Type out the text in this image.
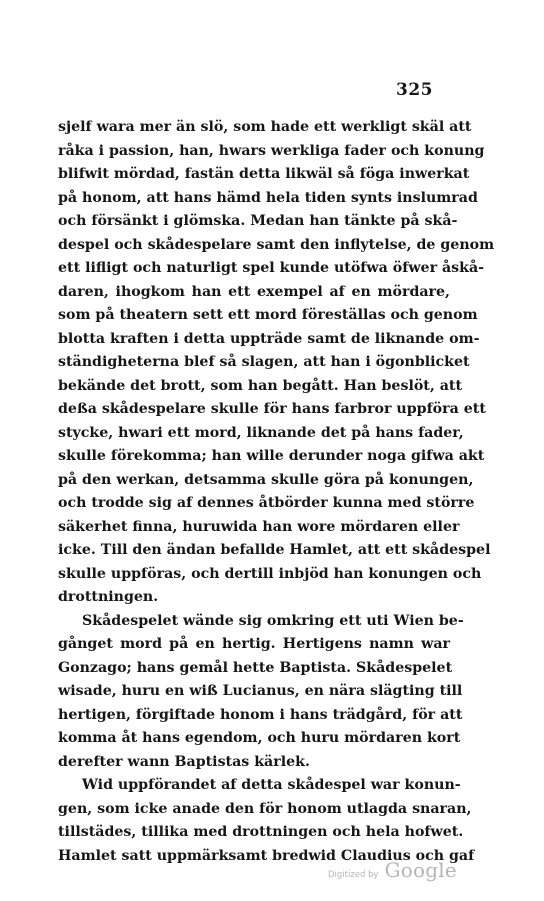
325
sjelf wara mer än slö, som hade ett werkligt skäl att
råka i passion, han, hwars werkliga fader och konung
blifwit mördad, fastän detta likwäl så föga inwerkat
på honom, att hans hämd hela tiden synts inslumrad
och försänkt i glömska. Medan han tänkte på skå-
despel och skådespelare samt den inflytelse, de genom
ett lifligt och naturligt spel kunde utöfwa öfwer åskå-
daren, ihogkom han ett exempel af en mördare,
som på theatern sett ett mord föreställas och genom
blotta kraften i detta uppträde samt de liknande om-
ständigheterna blef så slagen, att han i ögonblicket
bekände det brott, som han begått. Han beslöt, att
deßa skådespelare skulle för hans farbror uppföra ett
stycke, hwari ett mord, liknande det på hans fader,
skulle förekomma; han wille derunder noga gifwa akt
på den werkan, detsamma skulle göra på konungen,
och trodde sig af dennes åtbörder kunna med större
säkerhet finna, huruwida han wore mördaren eller
icke. Till den ändan befallde Hamlet, att ett skådespel
skulle uppföras, och dertill inbjöd han konungen och
drottningen.
Skådespelet wände sig omkring ett uti Wien be-
gånget mord på en hertig. Hertigens namn war
Gonzago; hans gemål hette Baptista. Skådespelet
wisade, huru en wiß Lucianus, en nära slägting till
hertigen, förgiftade honom i hans trädgård, för att
komma åt hans egendom, och huru mördaren kort
derefter wann Baptistas kärlek.
Wid uppförandet af detta skådespel war konun-
gen, som icke anade den för honom utlagda snaran,
tillstädes, tillika med drottningen och hela hofwet.
Hamlet satt uppmärksamt bredwid Claudius och gaf
Digitized by Google
